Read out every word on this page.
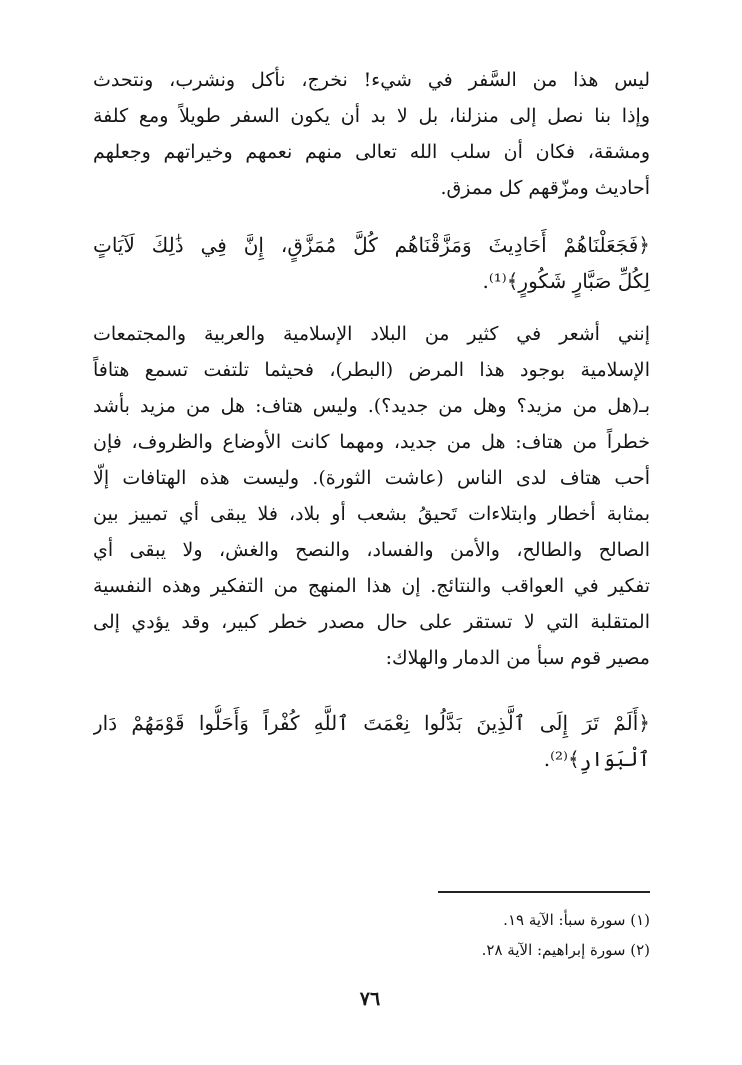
ليس هذا من السَّفر في شيء! نخرج، نأكل ونشرب، ونتحدث
وإذا بنا نصل إلى منزلنا، بل لا بد أن يكون السفر طويلاً ومع كلفة
ومشقة، فكان أن سلب الله تعالى منهم نعمهم وخيراتهم وجعلهم
أحاديث ومزّقهم كل ممزق.
﴿فَجَعَلْنَاهُمْ أَحَادِيثَ وَمَزَّقْنَاهُم كُلَّ مُمَزَّقٍ، إِنَّ فِي ذَٰلِكَ لَآيَاتٍ
لِكُلِّ صَبَّارٍ شَكُورٍ﴾⁽¹⁾.
إنني أشعر في كثير من البلاد الإسلامية والعربية والمجتمعات
الإسلامية بوجود هذا المرض (البطر)، فحيثما تلتفت تسمع هتافاً
بـ(هل من مزيد؟ وهل من جديد؟). وليس هتاف: هل من مزيد بأشد
خطراً من هتاف: هل من جديد، ومهما كانت الأوضاع والظروف، فإن
أحب هتاف لدى الناس (عاشت الثورة). وليست هذه الهتافات إلّا
بمثابة أخطار وابتلاءات تَحيقُ بشعب أو بلاد، فلا يبقى أي تمييز بين
الصالح والطالح، والأمن والفساد، والنصح والغش، ولا يبقى أي
تفكير في العواقب والنتائج. إن هذا المنهج من التفكير وهذه النفسية
المتقلبة التي لا تستقر على حال مصدر خطر كبير، وقد يؤدي إلى
مصير قوم سبأ من الدمار والهلاك:
﴿أَلَمْ تَرَ إِلَى ٱلَّذِينَ بَدَّلُوا نِعْمَتَ ٱللَّهِ كُفْراً وَأَحَلُّوا قَوْمَهُمْ دَار
ٱلْبَوَارِ﴾⁽²⁾.
(١) سورة سبأ: الآية ١٩.
(٢) سورة إبراهيم: الآية ٢٨.
٧٦
